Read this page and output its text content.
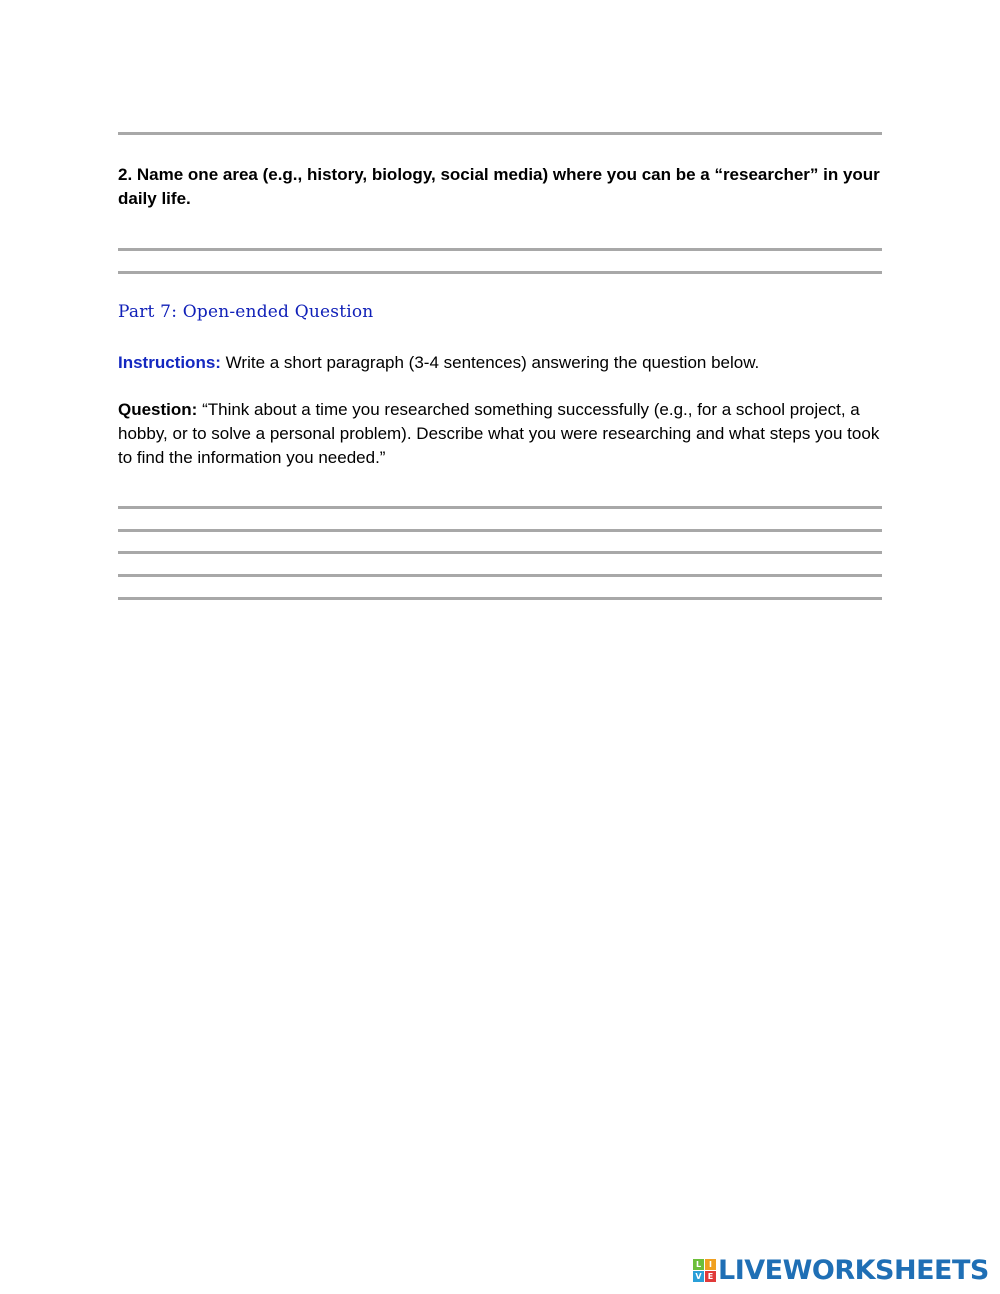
2. Name one area (e.g., history, biology, social media) where you can be a “researcher” in your daily life.
Part 7: Open-ended Question
Instructions: Write a short paragraph (3-4 sentences) answering the question below.
Question: “Think about a time you researched something successfully (e.g., for a school project, a hobby, or to solve a personal problem). Describe what you were researching and what steps you took to find the information you needed.”
L I
V E LIVEWORKSHEETS
